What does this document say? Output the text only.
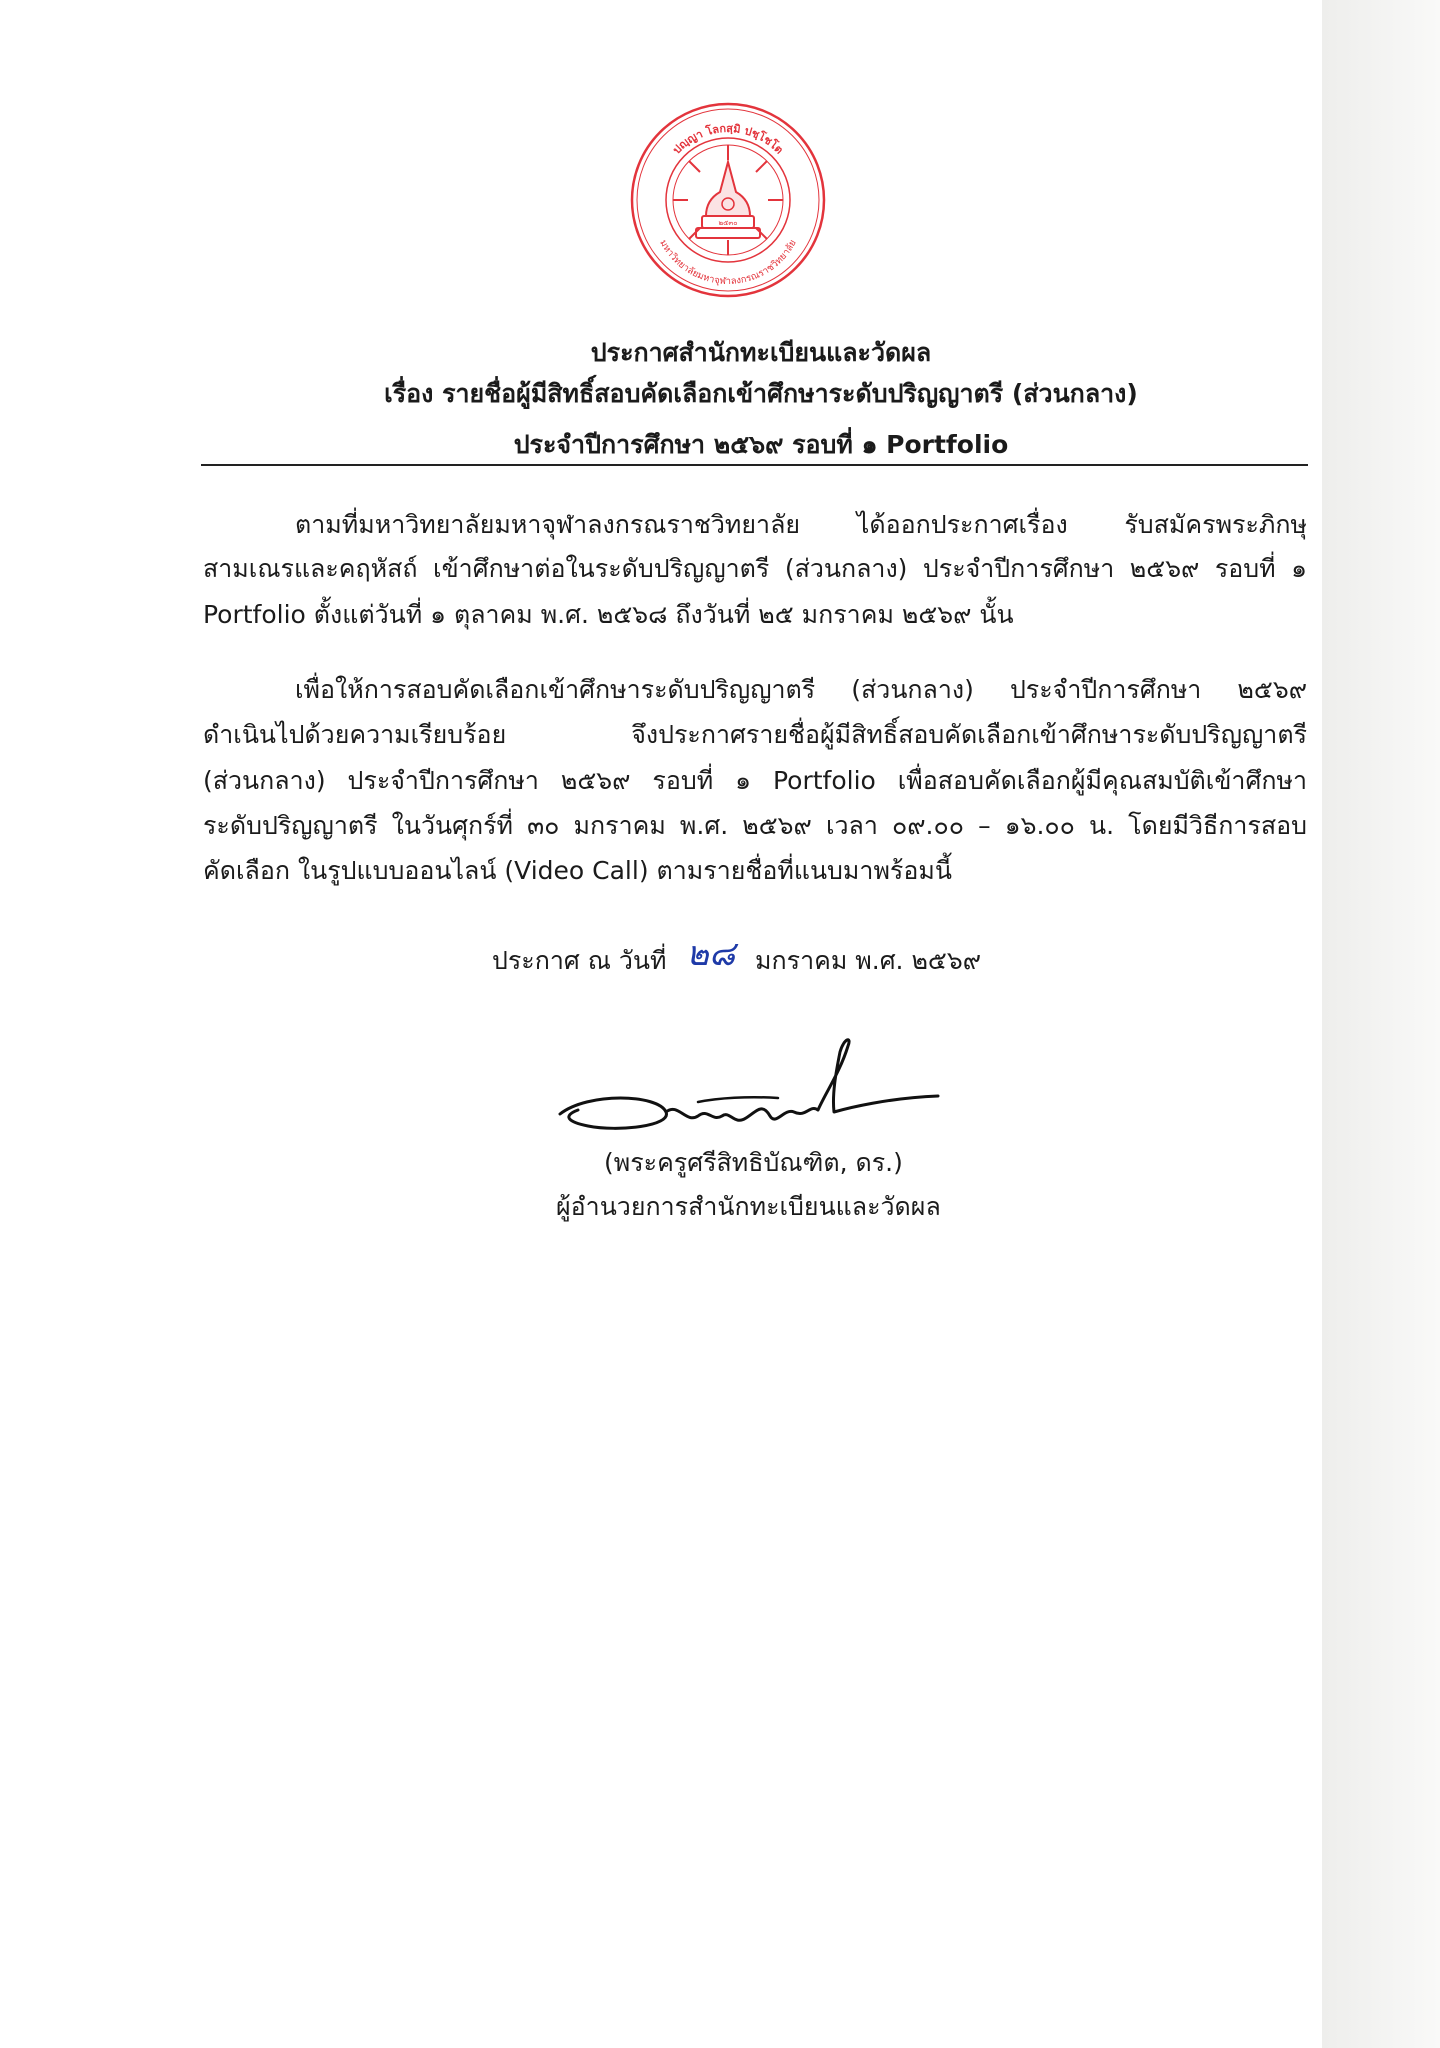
ปญฺญา โลกสฺมิ ปชฺโชโต
มหาวิทยาลัยมหาจุฬาลงกรณราชวิทยาลัย
๒๕๓๐
ประกาศสำนักทะเบียนและวัดผล
เรื่อง รายชื่อผู้มีสิทธิ์สอบคัดเลือกเข้าศึกษาระดับปริญญาตรี (ส่วนกลาง)
ประจำปีการศึกษา ๒๕๖๙ รอบที่ ๑ Portfolio
ตามที่มหาวิทยาลัยมหาจุฬาลงกรณราชวิทยาลัย ได้ออกประกาศเรื่อง รับสมัครพระภิกษุ
สามเณรและคฤหัสถ์ เข้าศึกษาต่อในระดับปริญญาตรี (ส่วนกลาง) ประจำปีการศึกษา ๒๕๖๙ รอบที่ ๑
Portfolio ตั้งแต่วันที่ ๑ ตุลาคม พ.ศ. ๒๕๖๘ ถึงวันที่ ๒๕ มกราคม ๒๕๖๙ นั้น
เพื่อให้การสอบคัดเลือกเข้าศึกษาระดับปริญญาตรี (ส่วนกลาง) ประจำปีการศึกษา ๒๕๖๙
ดำเนินไปด้วยความเรียบร้อย จึงประกาศรายชื่อผู้มีสิทธิ์สอบคัดเลือกเข้าศึกษาระดับปริญญาตรี
(ส่วนกลาง) ประจำปีการศึกษา ๒๕๖๙ รอบที่ ๑ Portfolio เพื่อสอบคัดเลือกผู้มีคุณสมบัติเข้าศึกษา
ระดับปริญญาตรี ในวันศุกร์ที่ ๓๐ มกราคม พ.ศ. ๒๕๖๙ เวลา ๐๙.๐๐ – ๑๖.๐๐ น. โดยมีวิธีการสอบ
คัดเลือก ในรูปแบบออนไลน์ (Video Call) ตามรายชื่อที่แนบมาพร้อมนี้
ประกาศ ณ วันที่ ๒๘ มกราคม พ.ศ. ๒๕๖๙
(พระครูศรีสิทธิบัณฑิต, ดร.)
ผู้อำนวยการสำนักทะเบียนและวัดผล
